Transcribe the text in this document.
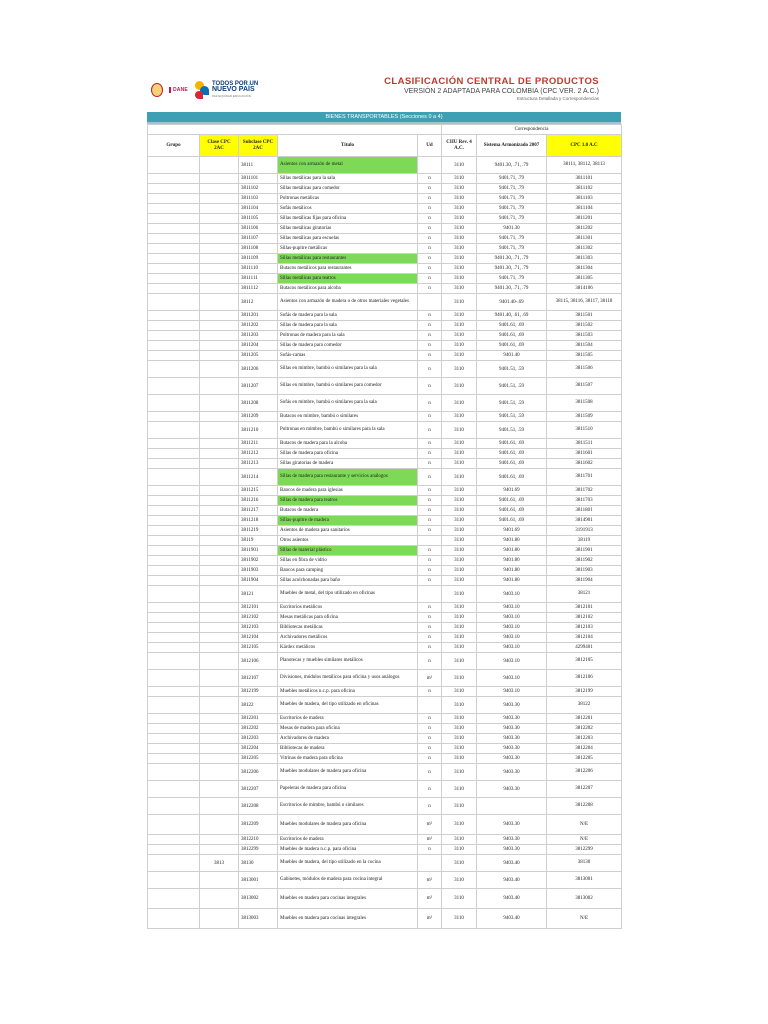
DANE
TODOS POR UN
NUEVO PAÍS
PAZ EQUIDAD EDUCACIÓN
CLASIFICACIÓN CENTRAL DE PRODUCTOS
VERSIÓN 2 ADAPTADA PARA COLOMBIA (CPC VER. 2 A.C.)
Estructura Detallada y Correspondencias
BIENES TRANSPORTABLES (Secciones 0 a 4)
					Correspondencia		
Grupo	Clase CPC 2AC	Subclase CPC 2AC	Título	Ud	CIIU Rev. 4 A.C.	Sistema Armonizado 2007	CPC 1.0 A.C
		38111	Asientos con armazón de metal		3110	9401.30, .71, .79	38111, 38112, 38113
		3811101	Sillas metálicas para la sala	n	3110	9401.71, .79	3811101
		3811102	Sillas metálicas para comedor	n	3110	9401.71, .79	3811102
		3811103	Poltronas metálicas	n	3110	9401.71, .79	3811103
		3811104	Sofás metálicos	n	3110	9401.71, .79	3811104
		3811105	Sillas metálicas fijas para oficina	n	3110	9401.71, .79	3811201
		3811106	Sillas metálicas giratorias	n	3110	9401.30	3811202
		3811107	Sillas metálicas para escuelas	n	3110	9401.71, .79	3811301
		3811108	Sillas-pupitre metálicas	n	3110	9401.71, .79	3811302
		3811109	Sillas metálicas para restaurantes	n	3110	9401.30, .71, .79	3811303
		3811110	Butacos metálicos para restaurantes	n	3110	9401.30, .71, .79	3811304
		3811111	Sillas metálicas para teatros	n	3110	9401.71, .79	3811305
		3811112	Butacos metálicos para alcoba	n	3110	9401.30, .71, .79	3814106
		38112	Asientos con armazón de madera o de otros materiales vegetales		3110	9401.40-.69	38115, 38116, 38117, 38118
		3811201	Sofás de madera para la sala	n	3110	9401.40, .61, .69	3811501
		3811202	Sillas de madera para la sala	n	3110	9401.61, .69	3811502
		3811203	Poltronas de madera para la sala	n	3110	9401.61, .69	3811503
		3811204	Sillas de madera para comedor	n	3110	9401.61, .69	3811504
		3811205	Sofás-camas	n	3110	9401.40	3811505
		3811206	Sillas en mimbre, bambú o similares para la sala	n	3110	9401.51, .59	3811506
		3811207	Sillas en mimbre, bambú o similares para comedor	n	3110	9401.51, .59	3811507
		3811208	Sofás en mimbre, bambú o similares para la sala	n	3110	9401.51, .59	3811508
		3811209	Butacos en mimbre, bambú o similares	n	3110	9401.51, .59	3811509
		3811210	Poltronas en mimbre, bambú o similares para la sala	n	3110	9401.51, .59	3811510
		3811211	Butacos de madera para la alcoba	n	3110	9401.61, .69	3811511
		3811212	Sillas de madera para oficina	n	3110	9401.61, .69	3811601
		3811213	Sillas giratorias de madera	n	3110	9401.61, .69	3811602
		3811214	Sillas de madera para restaurante y servicios análogos	n	3110	9401.61, .69	3811701
		3811215	Bancos de madera para iglesias	n	3110	9401.69	3811702
		3811216	Sillas de madera para teatros	n	3110	9401.61, .69	3811703
		3811217	Butacos de madera	n	3110	9401.61, .69	3811801
		3811218	Sillas-pupitre de madera	n	3110	9401.61, .69	3814901
		3811219	Asientos de madera para sanitarios	n	3110	9401.69	3191913
		38119	Otros asientos		3110	9401.80	38119
		3811901	Sillas de material plástico	n	3110	9401.80	3811901
		3811902	Sillas en fibra de vidrio	n	3110	9401.80	3811902
		3811903	Bancos para camping	n	3110	9401.80	3811903
		3811904	Sillas acolchonadas para baño	n	3110	9401.80	3811904
		38121	Muebles de metal, del tipo utilizado en oficinas		3110	9403.10	38121
		3812101	Escritorios metálicos	n	3110	9403.10	3812101
		3812102	Mesas metálicas para oficina	n	3110	9403.10	3812102
		3812103	Bibliotecas metálicas	n	3110	9403.10	3812103
		3812104	Archivadores metálicos	n	3110	9403.10	3812104
		3812105	Kárdex metálicos	n	3110	9403.10	4299401
		3812106	Planotecas y muebles similares metálicos	n	3110	9403.10	3812105
		3812107	Divisiones, módulos metálicos para oficina y usos análogos	m²	3110	9403.10	3812106
		3812199	Muebles metálicos n.c.p. para oficina	n	3110	9403.10	3812199
		38122	Muebles de madera, del tipo utilizado en oficinas		3110	9403.30	38122
		3812201	Escritorios de madera	n	3110	9403.30	3812201
		3812202	Mesas de madera para oficina	n	3110	9403.30	3812202
		3812203	Archivadores de madera	n	3110	9403.30	3812203
		3812204	Bibliotecas de madera	n	3110	9403.30	3812204
		3812205	Vitrinas de madera para oficina	n	3110	9403.30	3812205
		3812206	Muebles modulares de madera para oficina	n	3110	9403.30	3812206
		3812207	Papeleras de madera para oficina	n	3110	9403.30	3812207
		3812208	Escritorios de mimbre, bambú o similares	n	3110		3812208
		3812209	Muebles modulares de madera para oficina	m²	3110	9403.30	N/E
		3812210	Escritorios de madera	m²	3110	9403.30	N/E
		3812299	Muebles de madera n.c.p. para oficina	n	3110	9403.30	3812299
	3813	38130	Muebles de madera, del tipo utilizado en la cocina		3110	9403.40	38130
		3813001	Gabinetes, módulos de madera para cocina integral	m²	3110	9403.40	3813001
		3813002	Muebles en madera para cocinas integrales	m²	3110	9403.40	3813002
		3813003	Muebles en madera para cocinas integrales	m²	3110	9403.40	N/E
